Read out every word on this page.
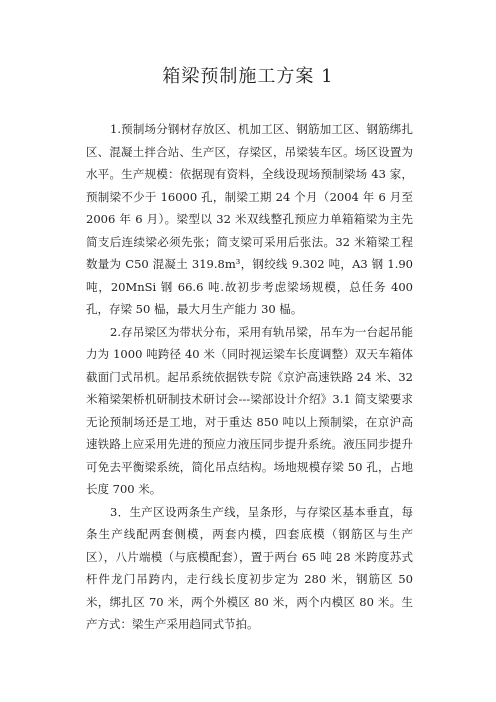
箱梁预制施工方案 1

1.预制场分钢材存放区、机加工区、钢筋加工区、钢筋绑扎区、混凝土拌合站、生产区，存梁区，吊梁装车区。场区设置为水平。生产规模：依据现有资料，全线设现场预制梁场 43 家，预制梁不少于 16000 孔，制梁工期 24 个月（2004 年 6 月至 2006 年 6 月）。梁型以 32 米双线整孔预应力单箱箱梁为主先简支后连续梁必须先张；简支梁可采用后张法。32 米箱梁工程数量为 C50 混凝土 319.8m³，钢绞线 9.302 吨，A3 钢 1.90 吨，20MnSi 钢 66.6 吨.故初步考虑梁场规模，总任务 400 孔，存梁 50 榀，最大月生产能力 30 榀。

2.存吊梁区为带状分布，采用有轨吊梁，吊车为一台起吊能力为 1000 吨跨径 40 米（同时视运梁车长度调整）双天车箱体截面门式吊机。起吊系统依据铁专院《京沪高速铁路 24 米、32 米箱梁架桥机研制技术研讨会---梁部设计介绍》3.1 简支梁要求无论预制场还是工地，对于重达 850 吨以上预制梁，在京沪高速铁路上应采用先进的预应力液压同步提升系统。液压同步提升可免去平衡梁系统，简化吊点结构。场地规模存梁 50 孔，占地长度 700 米。

3．生产区设两条生产线，呈条形，与存梁区基本垂直，每条生产线配两套侧模，两套内模，四套底模（钢筋区与生产区），八片端模（与底模配套），置于两台 65 吨 28 米跨度苏式杆件龙门吊跨内，走行线长度初步定为 280 米，钢筋区 50 米，绑扎区 70 米，两个外模区 80 米，两个内模区 80 米。生产方式：梁生产采用趋同式节拍。
